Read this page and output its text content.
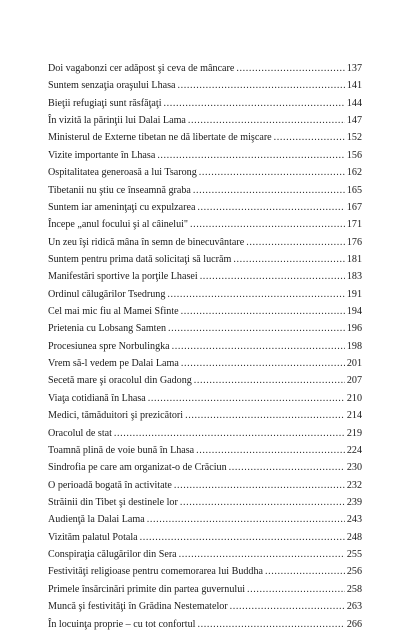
Doi vagabonzi cer adăpost şi ceva de mâncare .....	137
Suntem senzaţia oraşului Lhasa .....	141
Bieţii refugiaţi sunt răsfăţaţi .....	144
În vizită la părinţii lui Dalai Lama .....	147
Ministerul de Externe tibetan ne dă libertate de mişcare .....	152
Vizite importante în Lhasa .....	156
Ospitalitatea generoasă a lui Tsarong .....	162
Tibetanii nu ştiu ce înseamnă graba .....	165
Suntem iar ameninţaţi cu expulzarea .....	167
Începe „anul focului şi al câinelui" .....	171
Un zeu îşi ridică mâna în semn de binecuvântare .....	176
Suntem pentru prima dată solicitaţi să lucrăm .....	181
Manifestări sportive la porţile Lhasei .....	183
Ordinul călugărilor Tsedrung .....	191
Cel mai mic fiu al Mamei Sfinte .....	194
Prietenia cu Lobsang Samten .....	196
Procesiunea spre Norbulingka .....	198
Vrem să-l vedem pe Dalai Lama .....	201
Secetă mare şi oracolul din Gadong .....	207
Viaţa cotidiană în Lhasa .....	210
Medici, tămăduitori şi prezicători .....	214
Oracolul de stat .....	219
Toamnă plină de voie bună în Lhasa .....	224
Sindrofia pe care am organizat-o de Crăciun .....	230
O perioadă bogată în activitate .....	232
Străinii din Tibet şi destinele lor .....	239
Audienţă la Dalai Lama .....	243
Vizităm palatul Potala .....	248
Conspiraţia călugărilor din Sera .....	255
Festivităţi religioase pentru comemorarea lui Buddha .....	256
Primele însărcinări primite din partea guvernului .....	258
Muncă şi festivităţi în Grădina Nestematelor .....	263
În locuinţa proprie – cu tot confortul .....	266
